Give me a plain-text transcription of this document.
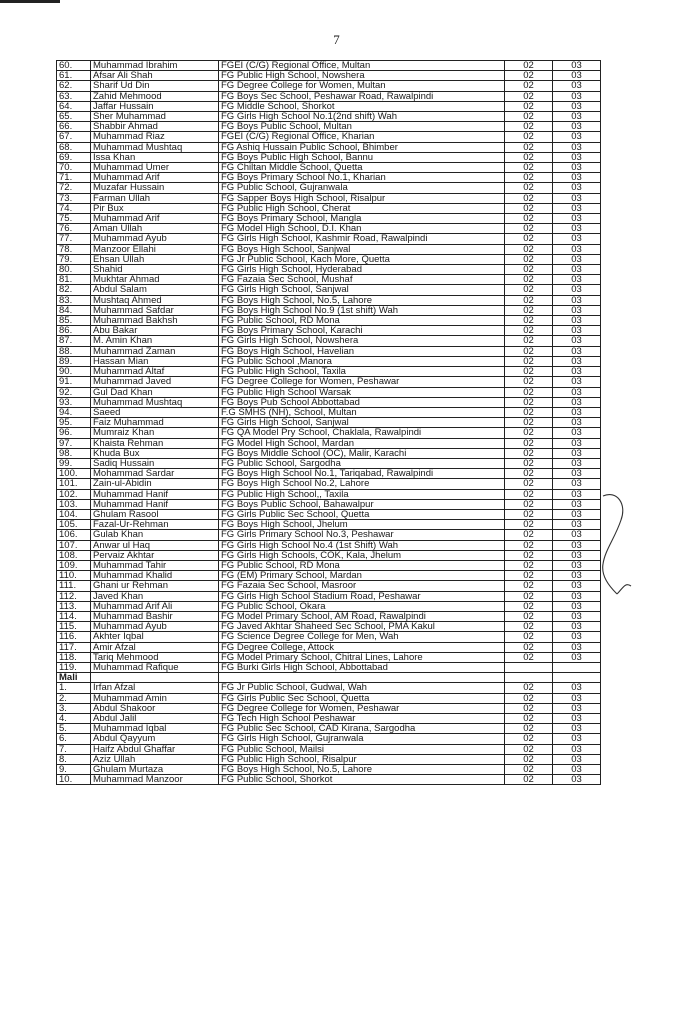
7
60.	Muhammad Ibrahim	FGEI (C/G) Regional Office, Multan	02	03
61.	Afsar Ali Shah	FG Public High School, Nowshera	02	03
62.	Sharif Ud Din	FG Degree College for Women, Multan	02	03
63.	Zahid Mehmood	FG Boys Sec School, Peshawar Road, Rawalpindi	02	03
64.	Jaffar Hussain	FG Middle School, Shorkot	02	03
65.	Sher Muhammad	FG Girls High School No.1(2nd shift) Wah	02	03
66.	Shabbir Ahmad	FG Boys Public School, Multan	02	03
67.	Muhammad Riaz	FGEI (C/G) Regional Office, Kharian	02	03
68.	Muhammad Mushtaq	FG Ashiq Hussain Public School, Bhimber	02	03
69.	Issa Khan	FG Boys Public High School, Bannu	02	03
70.	Muhammad Umer	FG Chiltan Middle School, Quetta	02	03
71.	Muhammad Arif	FG Boys Primary School No.1, Kharian	02	03
72.	Muzafar Hussain	FG Public School, Gujranwala	02	03
73.	Farman Ullah	FG Sapper Boys High School, Risalpur	02	03
74.	Pir Bux	FG Public High School, Cherat	02	03
75.	Muhammad Arif	FG Boys Primary School, Mangla	02	03
76.	Aman Ullah	FG Model High School, D.I. Khan	02	03
77.	Muhammad Ayub	FG Girls High School, Kashmir Road, Rawalpindi	02	03
78.	Manzoor Ellahi	FG Boys High School, Sanjwal	02	03
79.	Ehsan Ullah	FG Jr Public School, Kach More, Quetta	02	03
80.	Shahid	FG Girls High School, Hyderabad	02	03
81.	Mukhtar Ahmad	FG Fazaia Sec School, Mushaf	02	03
82.	Abdul Salam	FG Girls High School, Sanjwal	02	03
83.	Mushtaq Ahmed	FG Boys High School, No.5, Lahore	02	03
84.	Muhammad Safdar	FG Boys High School No.9 (1st shift) Wah	02	03
85.	Muhammad Bakhsh	FG Public School, RD Mona	02	03
86.	Abu Bakar	FG Boys Primary School, Karachi	02	03
87.	M. Amin Khan	FG Girls High School, Nowshera	02	03
88.	Muhammad Zaman	FG Boys High School, Havelian	02	03
89.	Hassan Mian	FG Public School ,Manora	02	03
90.	Muhammad Altaf	FG Public High School, Taxila	02	03
91.	Muhammad Javed	FG Degree College for Women, Peshawar	02	03
92.	Gul Dad Khan	FG Public High School Warsak	02	03
93.	Muhammad Mushtaq	FG Boys Pub School Abbottabad	02	03
94.	Saeed	F.G SMHS (NH), School, Multan	02	03
95.	Faiz Muhammad	FG Girls High School, Sanjwal	02	03
96.	Mumraiz Khan	FG QA Model Pry School, Chaklala, Rawalpindi	02	03
97.	Khaista Rehman	FG Model High School, Mardan	02	03
98.	Khuda Bux	FG Boys Middle School (OC), Malir, Karachi	02	03
99.	Sadiq Hussain	FG Public School, Sargodha	02	03
100.	Mohammad Sardar	FG Boys High School No.1, Tariqabad, Rawalpindi	02	03
101.	Zain-ul-Abidin	FG Boys High School No.2, Lahore	02	03
102.	Muhammad Hanif	FG Public High School,, Taxila	02	03
103.	Muhammad Hanif	FG Boys Public School, Bahawalpur	02	03
104.	Ghulam Rasool	FG Girls Public Sec School, Quetta	02	03
105.	Fazal-Ur-Rehman	FG Boys High School, Jhelum	02	03
106.	Gulab Khan	FG Girls Primary School No.3, Peshawar	02	03
107.	Anwar ul Haq	FG Girls High School No.4 (1st Shift) Wah	02	03
108.	Pervaiz Akhtar	FG Girls High Schools, COK, Kala, Jhelum	02	03
109.	Muhammad Tahir	FG Public School, RD Mona	02	03
110.	Muhammad Khalid	FG (EM) Primary School, Mardan	02	03
111.	Ghani ur Rehman	FG Fazaia Sec School, Masroor	02	03
112.	Javed Khan	FG Girls High School Stadium Road, Peshawar	02	03
113.	Muhammad Arif Ali	FG Public School, Okara	02	03
114.	Muhammad Bashir	FG Model Primary School, AM Road, Rawalpindi	02	03
115.	Muhammad Ayub	FG Javed Akhtar Shaheed Sec School, PMA Kakul	02	03
116.	Akhter Iqbal	FG Science Degree College for Men, Wah	02	03
117.	Amir Afzal	FG Degree College, Attock	02	03
118.	Tariq Mehmood	FG Model Primary School, Chitral Lines, Lahore	02	03
119.	Muhammad Rafique	FG Burki Girls High School, Abbottabad		
Mali				
1.	Irfan Afzal	FG Jr Public School, Gudwal, Wah	02	03
2.	Muhammad Amin	FG Girls Public Sec School, Quetta	02	03
3.	Abdul Shakoor	FG Degree College for Women, Peshawar	02	03
4.	Abdul Jalil	FG Tech High School Peshawar	02	03
5.	Muhammad Iqbal	FG Public Sec School, CAD Kirana, Sargodha	02	03
6.	Abdul Qayyum	FG Girls High School, Gujranwala	02	03
7.	Haifz Abdul Ghaffar	FG Public School, Mailsi	02	03
8.	Aziz Ullah	FG Public High School, Risalpur	02	03
9.	Ghulam Murtaza	FG Boys High School, No.5, Lahore	02	03
10.	Muhammad Manzoor	FG Public School, Shorkot	02	03
